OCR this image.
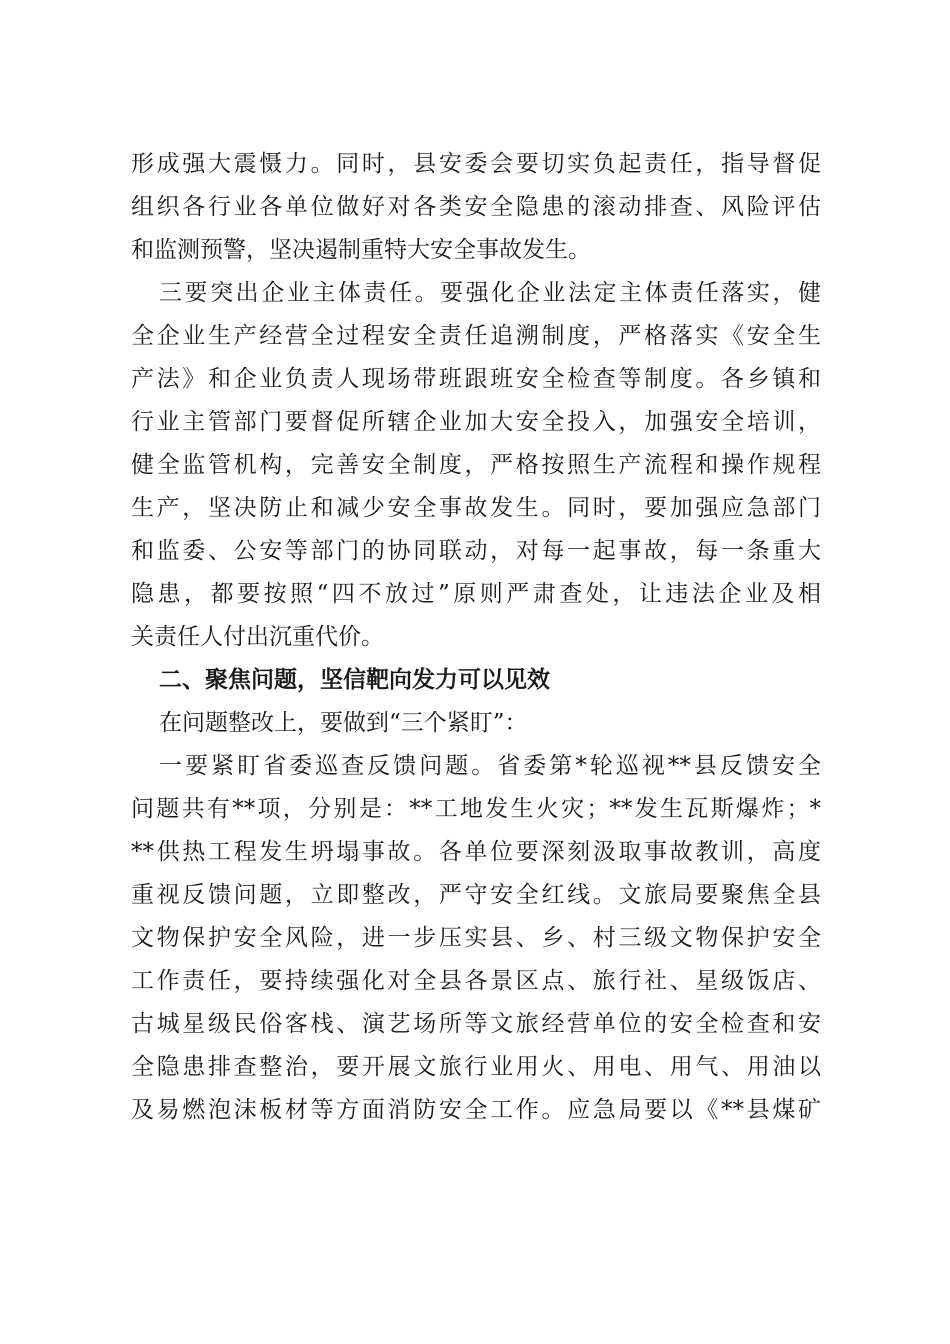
形成强大震慑力。同时，县安委会要切实负起责任，指导督促
组织各行业各单位做好对各类安全隐患的滚动排查、风险评估
和监测预警，坚决遏制重特大安全事故发生。
三要突出企业主体责任。要强化企业法定主体责任落实，健
全企业生产经营全过程安全责任追溯制度，严格落实《安全生
产法》和企业负责人现场带班跟班安全检查等制度。各乡镇和
行业主管部门要督促所辖企业加大安全投入，加强安全培训，
健全监管机构，完善安全制度，严格按照生产流程和操作规程
生产，坚决防止和减少安全事故发生。同时，要加强应急部门
和监委、公安等部门的协同联动，对每一起事故，每一条重大
隐患，都要按照“四不放过”原则严肃查处，让违法企业及相
关责任人付出沉重代价。
二、聚焦问题，坚信靶向发力可以见效
在问题整改上，要做到“三个紧盯”：
一要紧盯省委巡查反馈问题。省委第*轮巡视**县反馈安全
问题共有**项，分别是：**工地发生火灾；**发生瓦斯爆炸；*
**供热工程发生坍塌事故。各单位要深刻汲取事故教训，高度
重视反馈问题，立即整改，严守安全红线。文旅局要聚焦全县
文物保护安全风险，进一步压实县、乡、村三级文物保护安全
工作责任，要持续强化对全县各景区点、旅行社、星级饭店、
古城星级民俗客栈、演艺场所等文旅经营单位的安全检查和安
全隐患排查整治，要开展文旅行业用火、用电、用气、用油以
及易燃泡沫板材等方面消防安全工作。应急局要以《**县煤矿
